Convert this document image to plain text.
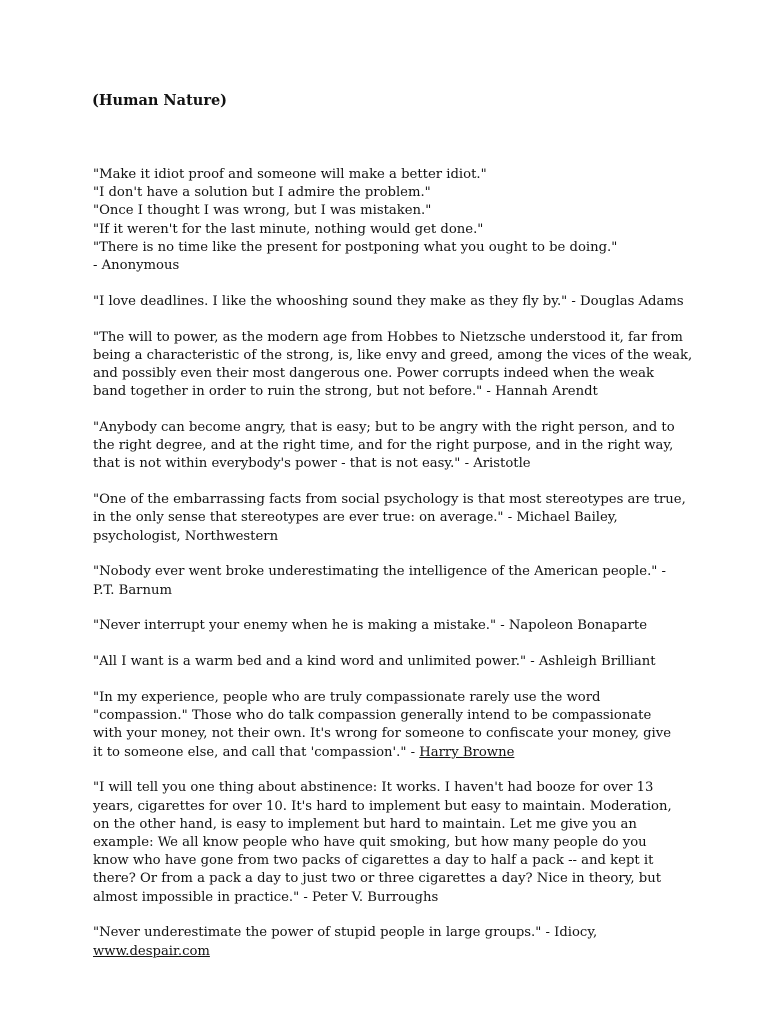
(Human Nature)
"Make it idiot proof and someone will make a better idiot."
"I don't have a solution but I admire the problem."
"Once I thought I was wrong, but I was mistaken."
"If it weren't for the last minute, nothing would get done."
"There is no time like the present for postponing what you ought to be doing."
- Anonymous
"I love deadlines. I like the whooshing sound they make as they fly by." - Douglas Adams
"The will to power, as the modern age from Hobbes to Nietzsche understood it, far from
being a characteristic of the strong, is, like envy and greed, among the vices of the weak,
and possibly even their most dangerous one. Power corrupts indeed when the weak
band together in order to ruin the strong, but not before." - Hannah Arendt
"Anybody can become angry, that is easy; but to be angry with the right person, and to
the right degree, and at the right time, and for the right purpose, and in the right way,
that is not within everybody's power - that is not easy." - Aristotle
"One of the embarrassing facts from social psychology is that most stereotypes are true,
in the only sense that stereotypes are ever true: on average." - Michael Bailey,
psychologist, Northwestern
"Nobody ever went broke underestimating the intelligence of the American people." -
P.T. Barnum
"Never interrupt your enemy when he is making a mistake." - Napoleon Bonaparte
"All I want is a warm bed and a kind word and unlimited power." - Ashleigh Brilliant
"In my experience, people who are truly compassionate rarely use the word
"compassion." Those who do talk compassion generally intend to be compassionate
with your money, not their own. It's wrong for someone to confiscate your money, give
it to someone else, and call that 'compassion'." - Harry Browne
"I will tell you one thing about abstinence: It works. I haven't had booze for over 13
years, cigarettes for over 10. It's hard to implement but easy to maintain. Moderation,
on the other hand, is easy to implement but hard to maintain. Let me give you an
example: We all know people who have quit smoking, but how many people do you
know who have gone from two packs of cigarettes a day to half a pack -- and kept it
there? Or from a pack a day to just two or three cigarettes a day? Nice in theory, but
almost impossible in practice." - Peter V. Burroughs
"Never underestimate the power of stupid people in large groups." - Idiocy,
www.despair.com
